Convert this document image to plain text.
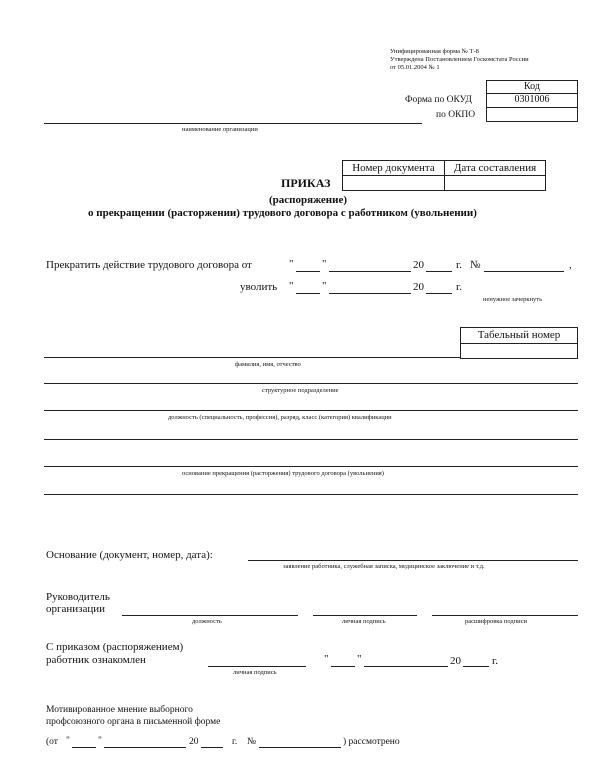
Унифицированная форма № Т-8
Утверждена Постановлением Госкомстата России
от 05.01.2004 № 1
Код
0301006
Форма по ОКУД
по ОКПО
наименование организации
Номер документа	Дата составления
ПРИКАЗ
(распоряжение)
о прекращении (расторжении) трудового договора с работником (увольнении)
Прекратить действие трудового договора от	"	"	20	г. №	,
уволить "	"	20	г.
ненужное зачеркнуть
Табельный номер
фамилия, имя, отчество
структурное подразделение
должность (специальность, профессия), разряд, класс (категория) квалификации
основание прекращения (расторжения) трудового договора (увольнения)
Основание (документ, номер, дата):
заявление работника, служебная записка, медицинское заключение и т.д.
Руководитель
организации
должность	личная подпись	расшифровка подписи
С приказом (распоряжением)
работник ознакомлен
личная подпись
"	"	20	г.
Мотивированное мнение выборного
профсоюзного органа в письменной форме
(от "	"	20	г. №	) рассмотрено
